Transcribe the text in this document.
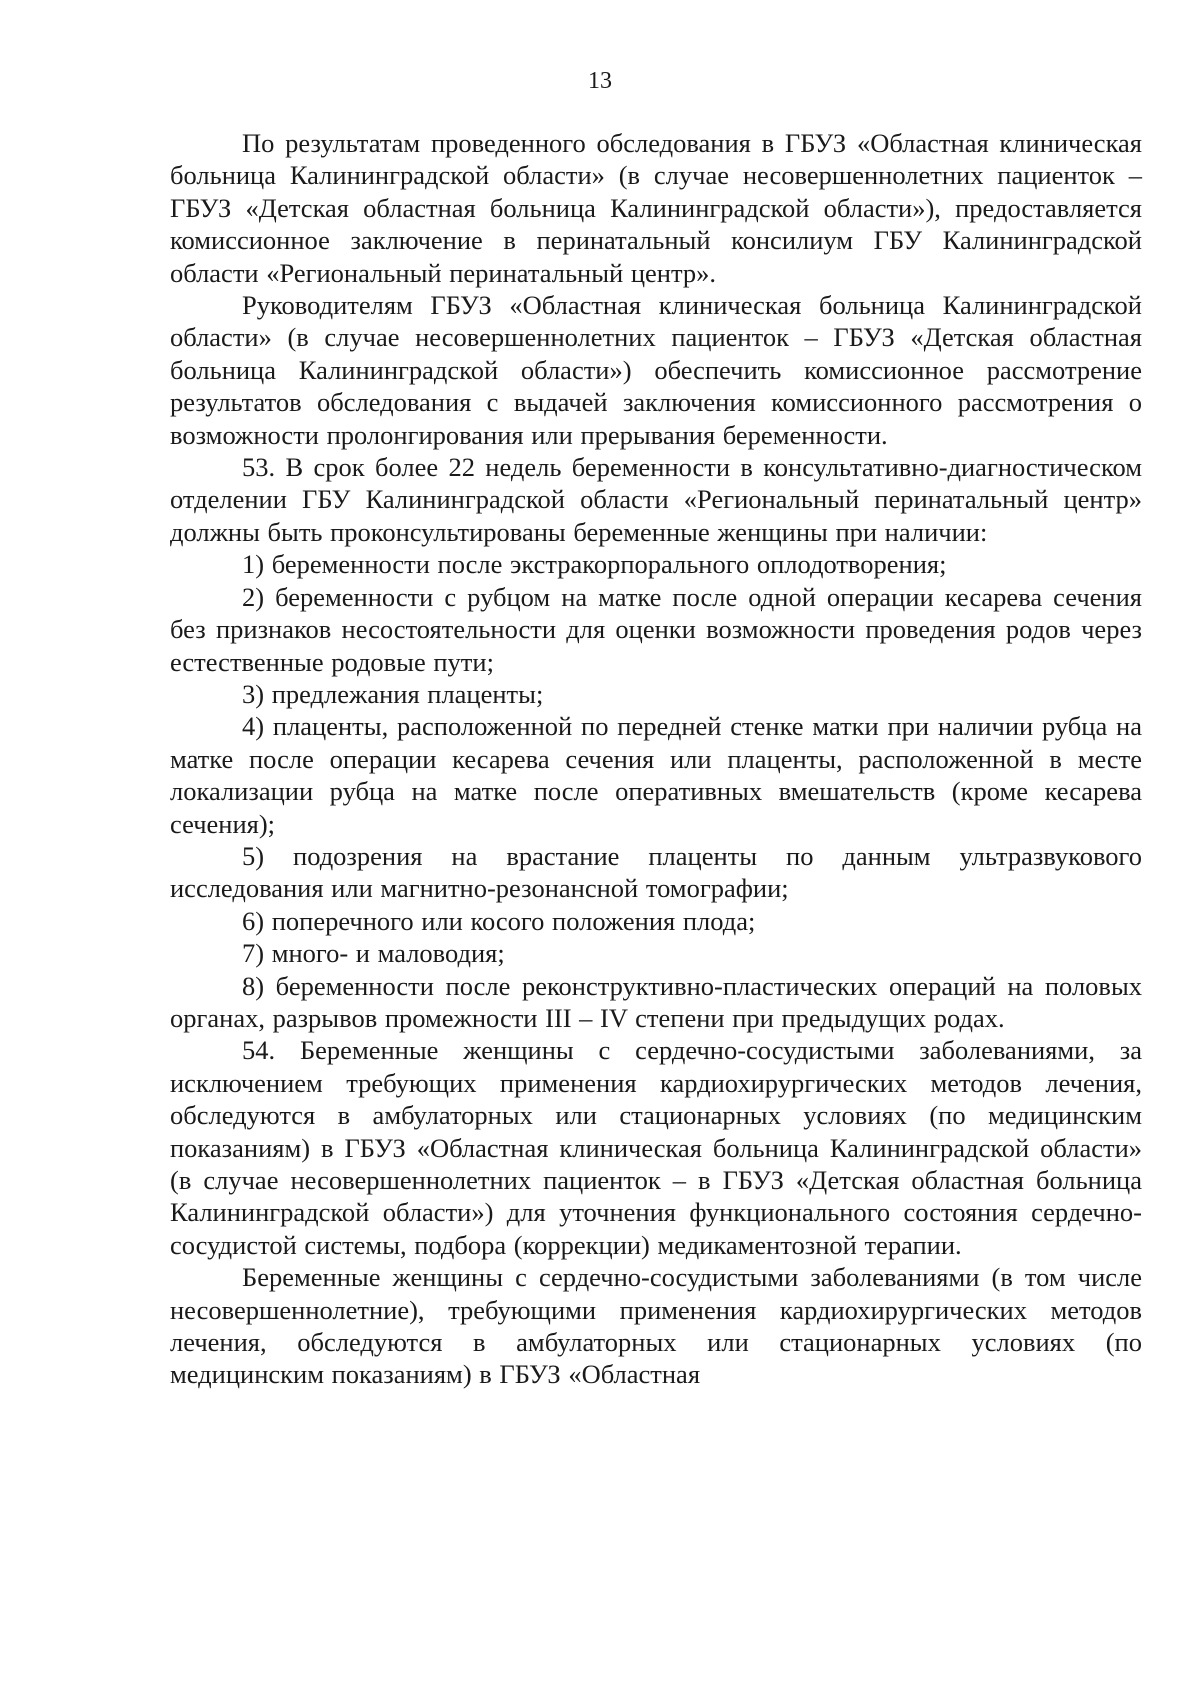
13

По результатам проведенного обследования в ГБУЗ «Областная клиническая больница Калининградской области» (в случае несовершеннолетних пациенток – ГБУЗ «Детская областная больница Калининградской области»), предоставляется комиссионное заключение в перинатальный консилиум ГБУ Калининградской области «Региональный перинатальный центр».

Руководителям ГБУЗ «Областная клиническая больница Калининградской области» (в случае несовершеннолетних пациенток – ГБУЗ «Детская областная больница Калининградской области») обеспечить комиссионное рассмотрение результатов обследования с выдачей заключения комиссионного рассмотрения о возможности пролонгирования или прерывания беременности.

53. В срок более 22 недель беременности в консультативно-диагностическом отделении ГБУ Калининградской области «Региональный перинатальный центр» должны быть проконсультированы беременные женщины при наличии:

1) беременности после экстракорпорального оплодотворения;

2) беременности с рубцом на матке после одной операции кесарева сечения без признаков несостоятельности для оценки возможности проведения родов через естественные родовые пути;

3) предлежания плаценты;

4) плаценты, расположенной по передней стенке матки при наличии рубца на матке после операции кесарева сечения или плаценты, расположенной в месте локализации рубца на матке после оперативных вмешательств (кроме кесарева сечения);

5) подозрения на врастание плаценты по данным ультразвукового исследования или магнитно-резонансной томографии;

6) поперечного или косого положения плода;

7) много- и маловодия;

8) беременности после реконструктивно-пластических операций на половых органах, разрывов промежности III – IV степени при предыдущих родах.

54. Беременные женщины с сердечно-сосудистыми заболеваниями, за исключением требующих применения кардиохирургических методов лечения, обследуются в амбулаторных или стационарных условиях (по медицинским показаниям) в ГБУЗ «Областная клиническая больница Калининградской области» (в случае несовершеннолетних пациенток – в ГБУЗ «Детская областная больница Калининградской области») для уточнения функционального состояния сердечно-сосудистой системы, подбора (коррекции) медикаментозной терапии.

Беременные женщины с сердечно-сосудистыми заболеваниями (в том числе несовершеннолетние), требующими применения кардиохирургических методов лечения, обследуются в амбулаторных или стационарных условиях (по медицинским показаниям) в ГБУЗ «Областная
